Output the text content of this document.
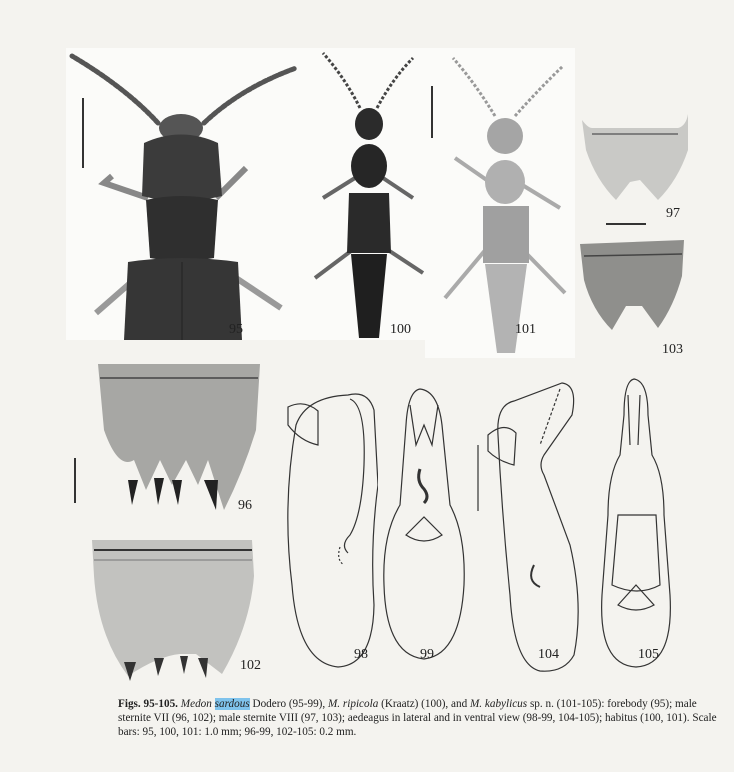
95	100	101
97
103
96
102
98	99	104	105
Figs. 95-105. Medon sardous Dodero (95-99), M. ripicola (Kraatz) (100), and M. kabylicus sp. n. (101-105): forebody (95); male sternite VII (96, 102); male sternite VIII (97, 103); aedeagus in lateral and in ventral view (98-99, 104-105); habitus (100, 101). Scale bars: 95, 100, 101: 1.0 mm; 96-99, 102-105: 0.2 mm.
